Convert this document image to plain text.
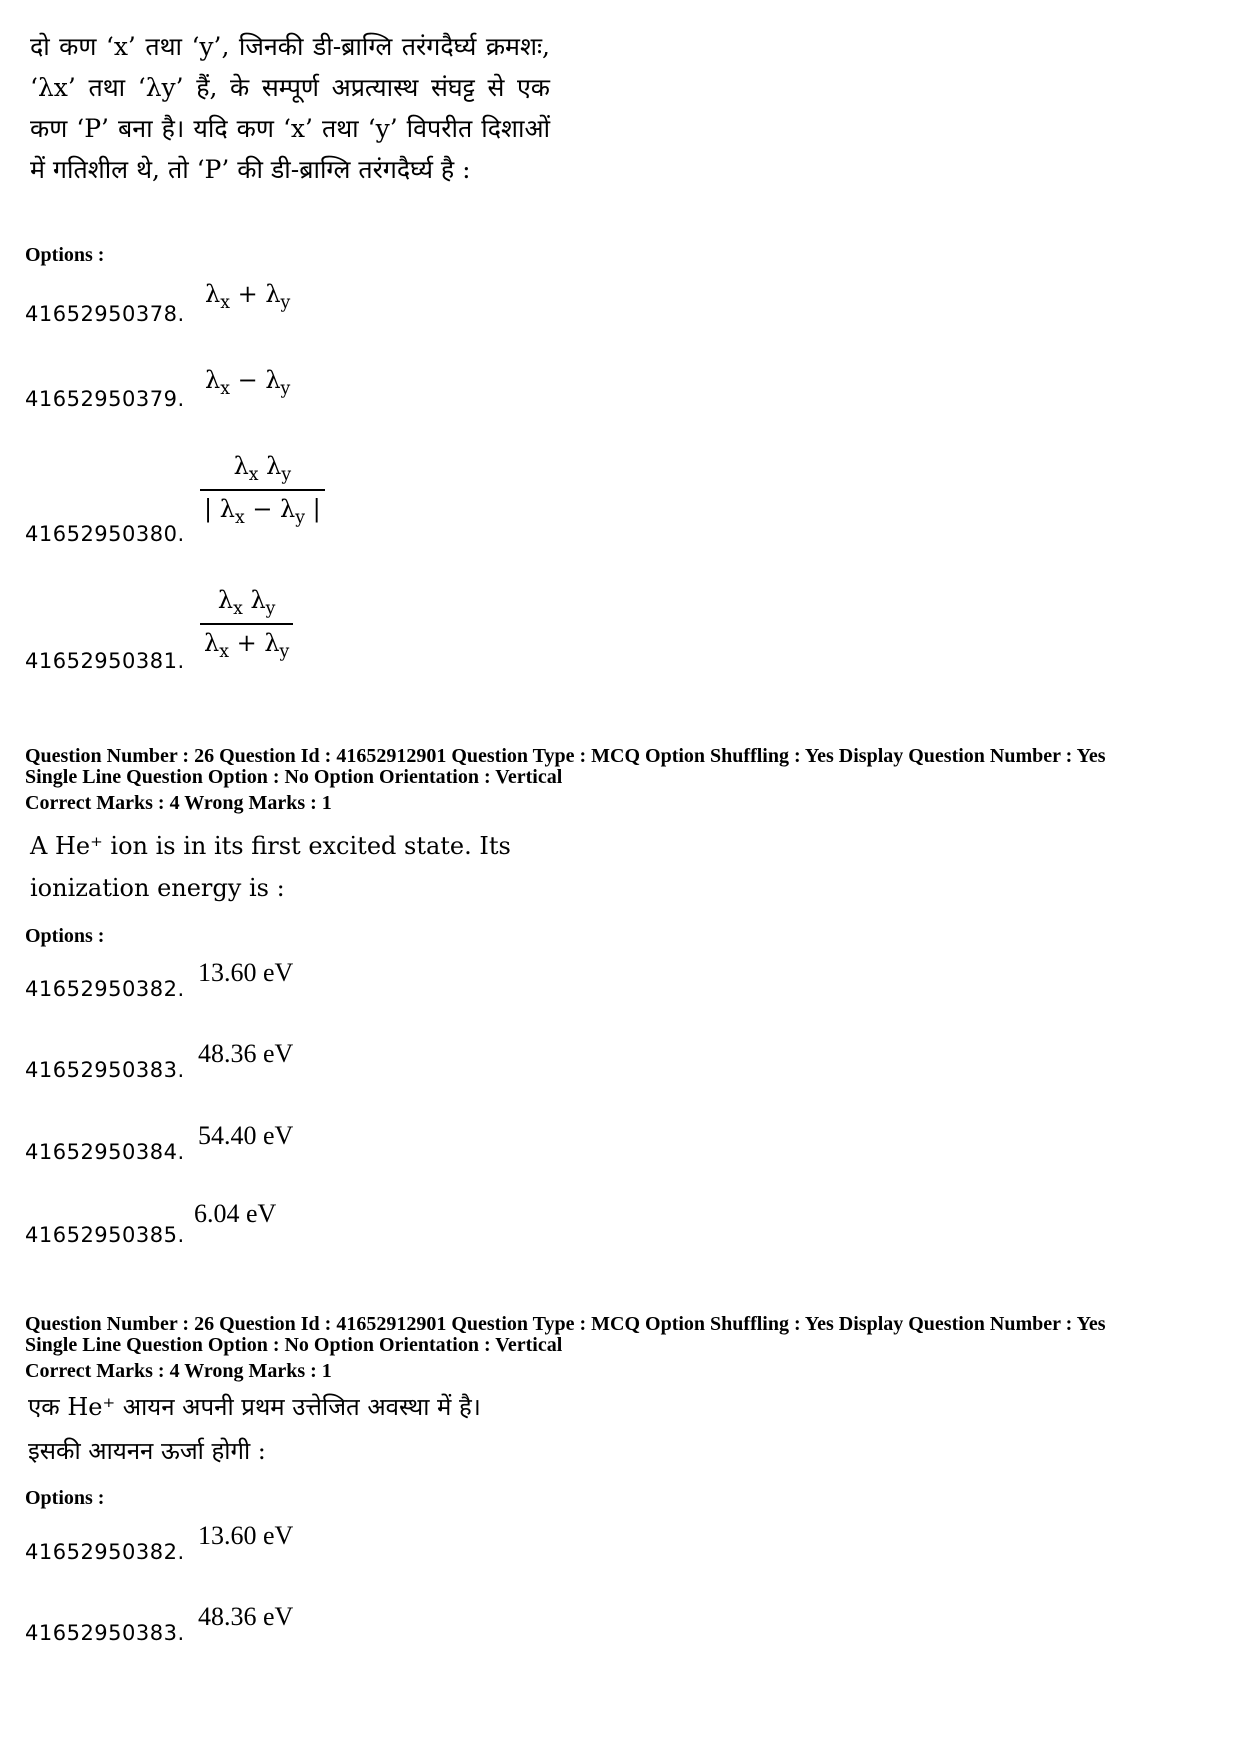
दो कण ‘x’ तथा ‘y’, जिनकी डी-ब्राग्लि तरंगदैर्घ्य क्रमशः, ‘λx’ तथा ‘λy’ हैं, के सम्पूर्ण अप्रत्यास्थ संघट्ट से एक कण ‘P’ बना है। यदि कण ‘x’ तथा ‘y’ विपरीत दिशाओं में गतिशील थे, तो ‘P’ की डी-ब्राग्लि तरंगदैर्घ्य है :
Options :
41652950378.
$\lambda_x + \lambda_y$
41652950379.
$\lambda_x - \lambda_y$
41652950380.
$\frac{\lambda_x \lambda_y}{| \lambda_x - \lambda_y |}$
41652950381. $\frac{\lambda_x \lambda_y}{\lambda_x + \lambda_y}$
Question Number : 26 Question Id : 41652912901 Question Type : MCQ Option Shuffling : Yes Display Question Number : Yes
Single Line Question Option : No Option Orientation : Vertical
Correct Marks : 4 Wrong Marks : 1
A He⁺ ion is in its first excited state. Its
ionization energy is :
Options :
41652950382.
13.60 eV
41652950383.
48.36 eV
41652950384.
54.40 eV
41652950385.
6.04 eV
Question Number : 26 Question Id : 41652912901 Question Type : MCQ Option Shuffling : Yes Display Question Number : Yes
Single Line Question Option : No Option Orientation : Vertical
Correct Marks : 4 Wrong Marks : 1
एक He⁺ आयन अपनी प्रथम उत्तेजित अवस्था में है।
इसकी आयनन ऊर्जा होगी :
Options :
41652950382.
13.60 eV
41652950383.
48.36 eV
